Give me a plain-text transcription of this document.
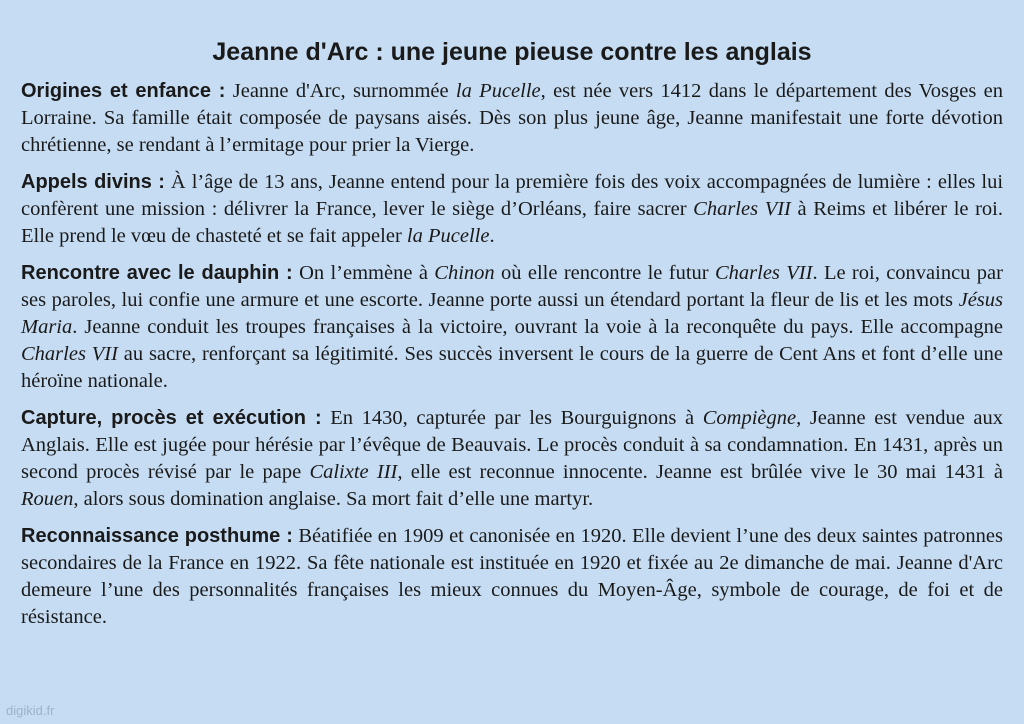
Jeanne d'Arc : une jeune pieuse contre les anglais

Origines et enfance : Jeanne d'Arc, surnommée la Pucelle, est née vers 1412 dans le département des Vosges en Lorraine. Sa famille était composée de paysans aisés. Dès son plus jeune âge, Jeanne manifestait une forte dévotion chrétienne, se rendant à l’ermitage pour prier la Vierge.

Appels divins : À l’âge de 13 ans, Jeanne entend pour la première fois des voix accompagnées de lumière : elles lui confèrent une mission : délivrer la France, lever le siège d’Orléans, faire sacrer Charles VII à Reims et libérer le roi. Elle prend le vœu de chasteté et se fait appeler la Pucelle.

Rencontre avec le dauphin : On l’emmène à Chinon où elle rencontre le futur Charles VII. Le roi, convaincu par ses paroles, lui confie une armure et une escorte. Jeanne porte aussi un étendard portant la fleur de lis et les mots Jésus Maria. Jeanne conduit les troupes françaises à la victoire, ouvrant la voie à la reconquête du pays. Elle accompagne Charles VII au sacre, renforçant sa légitimité. Ses succès inversent le cours de la guerre de Cent Ans et font d’elle une héroïne nationale.

Capture, procès et exécution : En 1430, capturée par les Bourguignons à Compiègne, Jeanne est vendue aux Anglais. Elle est jugée pour hérésie par l’évêque de Beauvais. Le procès conduit à sa condamnation. En 1431, après un second procès révisé par le pape Calixte III, elle est reconnue innocente. Jeanne est brûlée vive le 30 mai 1431 à Rouen, alors sous domination anglaise. Sa mort fait d’elle une martyr.

Reconnaissance posthume : Béatifiée en 1909 et canonisée en 1920. Elle devient l’une des deux saintes patronnes secondaires de la France en 1922. Sa fête nationale est instituée en 1920 et fixée au 2e dimanche de mai. Jeanne d'Arc demeure l’une des personnalités françaises les mieux connues du Moyen-Âge, symbole de courage, de foi et de résistance.

digikid.fr
